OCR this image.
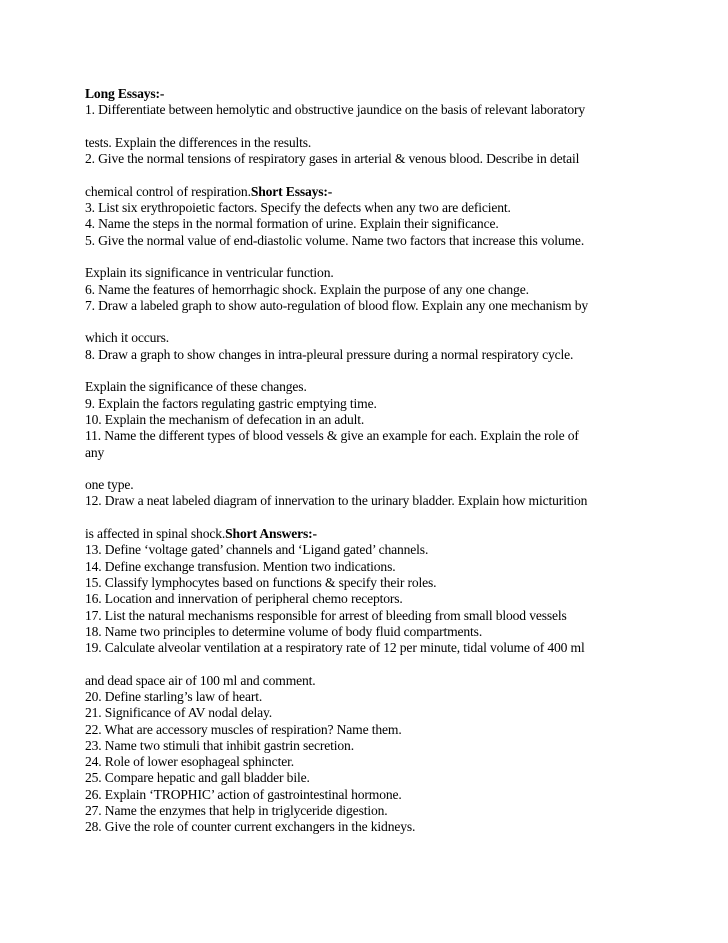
Long Essays:-
1. Differentiate between hemolytic and obstructive jaundice on the basis of relevant laboratory
tests. Explain the differences in the results.
2. Give the normal tensions of respiratory gases in arterial & venous blood. Describe in detail
chemical control of respiration.Short Essays:-
3. List six erythropoietic factors. Specify the defects when any two are deficient.
4. Name the steps in the normal formation of urine. Explain their significance.
5. Give the normal value of end-diastolic volume. Name two factors that increase this volume.
Explain its significance in ventricular function.
6. Name the features of hemorrhagic shock. Explain the purpose of any one change.
7. Draw a labeled graph to show auto-regulation of blood flow. Explain any one mechanism by
which it occurs.
8. Draw a graph to show changes in intra-pleural pressure during a normal respiratory cycle.
Explain the significance of these changes.
9. Explain the factors regulating gastric emptying time.
10. Explain the mechanism of defecation in an adult.
11. Name the different types of blood vessels & give an example for each. Explain the role of
any
one type.
12. Draw a neat labeled diagram of innervation to the urinary bladder. Explain how micturition
is affected in spinal shock.Short Answers:-
13. Define ‘voltage gated’ channels and ‘Ligand gated’ channels.
14. Define exchange transfusion. Mention two indications.
15. Classify lymphocytes based on functions & specify their roles.
16. Location and innervation of peripheral chemo receptors.
17. List the natural mechanisms responsible for arrest of bleeding from small blood vessels
18. Name two principles to determine volume of body fluid compartments.
19. Calculate alveolar ventilation at a respiratory rate of 12 per minute, tidal volume of 400 ml
and dead space air of 100 ml and comment.
20. Define starling’s law of heart.
21. Significance of AV nodal delay.
22. What are accessory muscles of respiration? Name them.
23. Name two stimuli that inhibit gastrin secretion.
24. Role of lower esophageal sphincter.
25. Compare hepatic and gall bladder bile.
26. Explain ‘TROPHIC’ action of gastrointestinal hormone.
27. Name the enzymes that help in triglyceride digestion.
28. Give the role of counter current exchangers in the kidneys.
